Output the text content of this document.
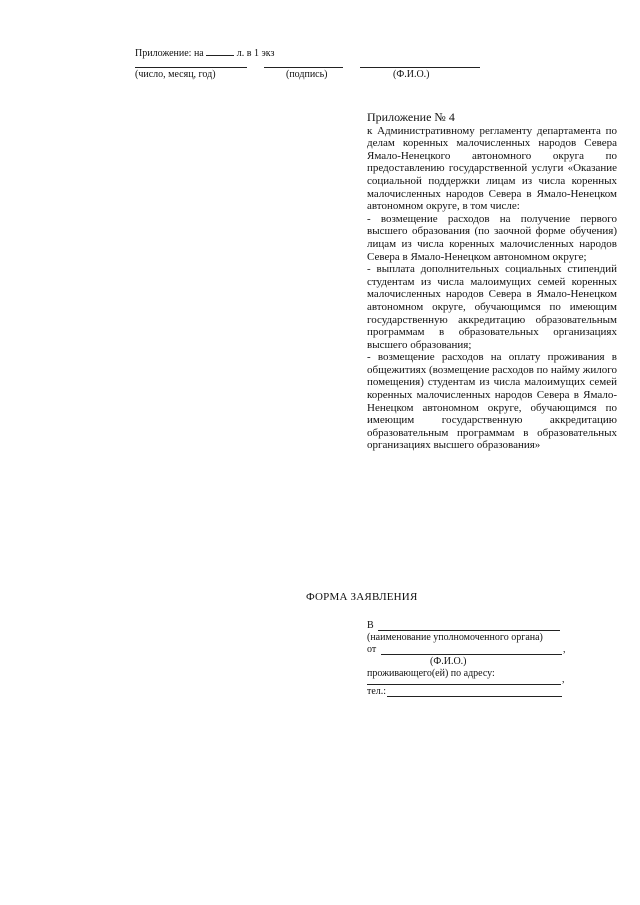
Приложение: на	л. в 1 экз
(число, месяц, год)	(подпись)	(Ф.И.О.)
Приложение № 4

к Административному регламенту департамента по делам коренных малочисленных народов Севера Ямало-Ненецкого автономного округа по предоставлению государственной услуги «Оказание социальной поддержки лицам из числа коренных малочисленных народов Севера в Ямало-Ненецком автономном округе, в том числе:

- возмещение расходов на получение первого высшего образования (по заочной форме обучения) лицам из числа коренных малочисленных народов Севера в Ямало-Ненецком автономном округе;

- выплата дополнительных социальных стипендий студентам из числа малоимущих семей коренных малочисленных народов Севера в Ямало-Ненецком автономном округе, обучающимся по имеющим государственную аккредитацию образовательным программам в образовательных организациях высшего образования;

- возмещение расходов на оплату проживания в общежитиях (возмещение расходов по найму жилого помещения) студентам из числа малоимущих семей коренных малочисленных народов Севера в Ямало-Ненецком автономном округе, обучающимся по имеющим государственную аккредитацию образовательным программам в образовательных организациях высшего образования»

ФОРМА ЗАЯВЛЕНИЯ
В
(наименование уполномоченного органа)
от	,
(Ф.И.О.)
проживающего(ей) по адресу:
,
тел.:
